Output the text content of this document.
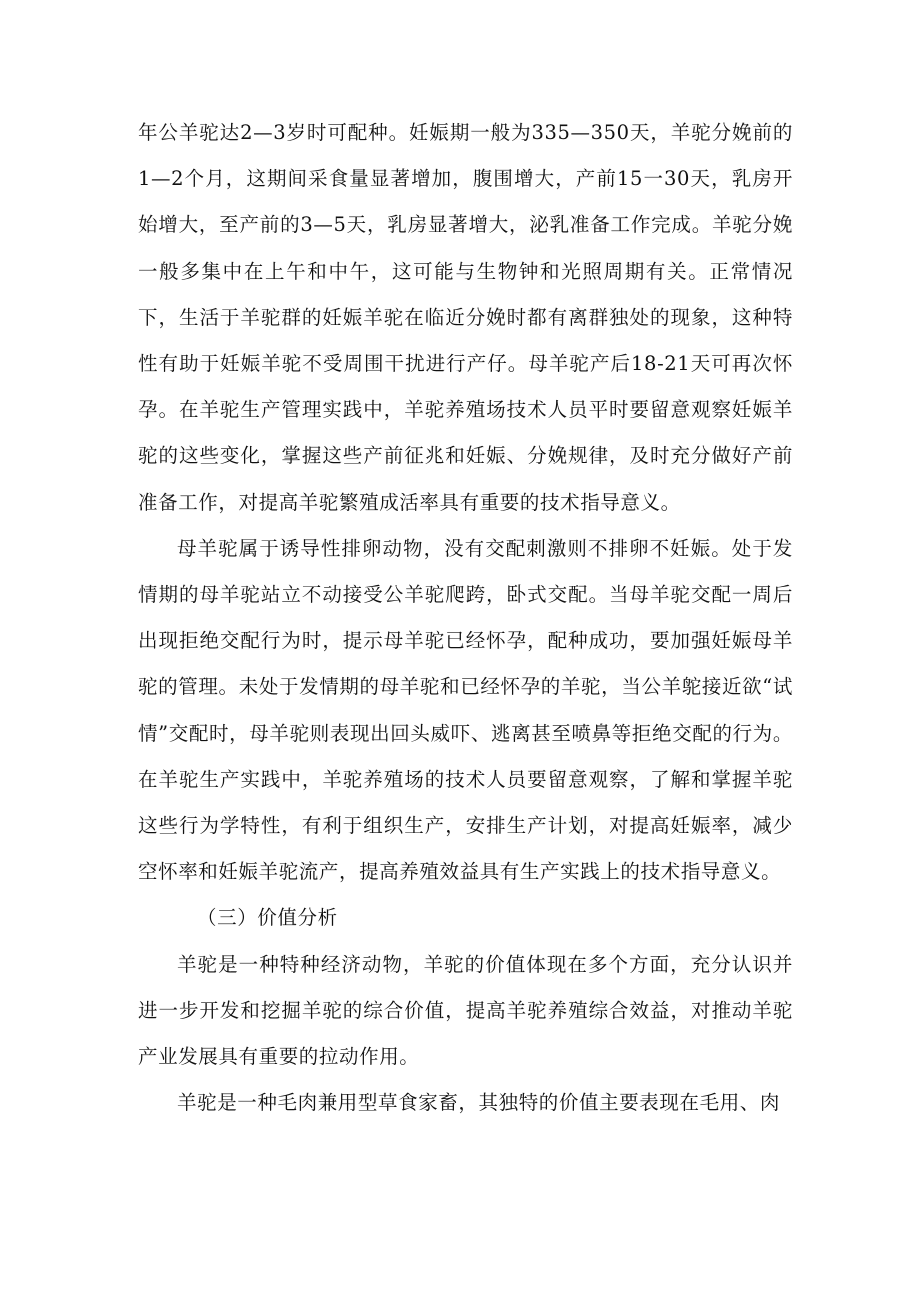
年公羊驼达2—3岁时可配种。妊娠期一般为335—350天，羊驼分娩前的1—2个月，这期间采食量显著增加，腹围增大，产前15一30天，乳房开始增大，至产前的3—5天，乳房显著增大，泌乳准备工作完成。羊驼分娩一般多集中在上午和中午，这可能与生物钟和光照周期有关。正常情况下，生活于羊驼群的妊娠羊驼在临近分娩时都有离群独处的现象，这种特性有助于妊娠羊驼不受周围干扰进行产仔。母羊驼产后18-21天可再次怀孕。在羊驼生产管理实践中，羊驼养殖场技术人员平时要留意观察妊娠羊驼的这些变化，掌握这些产前征兆和妊娠、分娩规律，及时充分做好产前准备工作，对提高羊驼繁殖成活率具有重要的技术指导意义。

母羊驼属于诱导性排卵动物，没有交配刺激则不排卵不妊娠。处于发情期的母羊驼站立不动接受公羊驼爬跨，卧式交配。当母羊驼交配一周后出现拒绝交配行为时，提示母羊驼已经怀孕，配种成功，要加强妊娠母羊驼的管理。未处于发情期的母羊驼和已经怀孕的羊驼，当公羊鸵接近欲“试情”交配时，母羊驼则表现出回头威吓、逃离甚至喷鼻等拒绝交配的行为。在羊驼生产实践中，羊驼养殖场的技术人员要留意观察，了解和掌握羊驼这些行为学特性，有利于组织生产，安排生产计划，对提高妊娠率，减少空怀率和妊娠羊驼流产，提高养殖效益具有生产实践上的技术指导意义。

（三）价值分析

羊驼是一种特种经济动物，羊驼的价值体现在多个方面，充分认识并进一步开发和挖掘羊驼的综合价值，提高羊驼养殖综合效益，对推动羊驼产业发展具有重要的拉动作用。

羊驼是一种毛肉兼用型草食家畜，其独特的价值主要表现在毛用、肉
